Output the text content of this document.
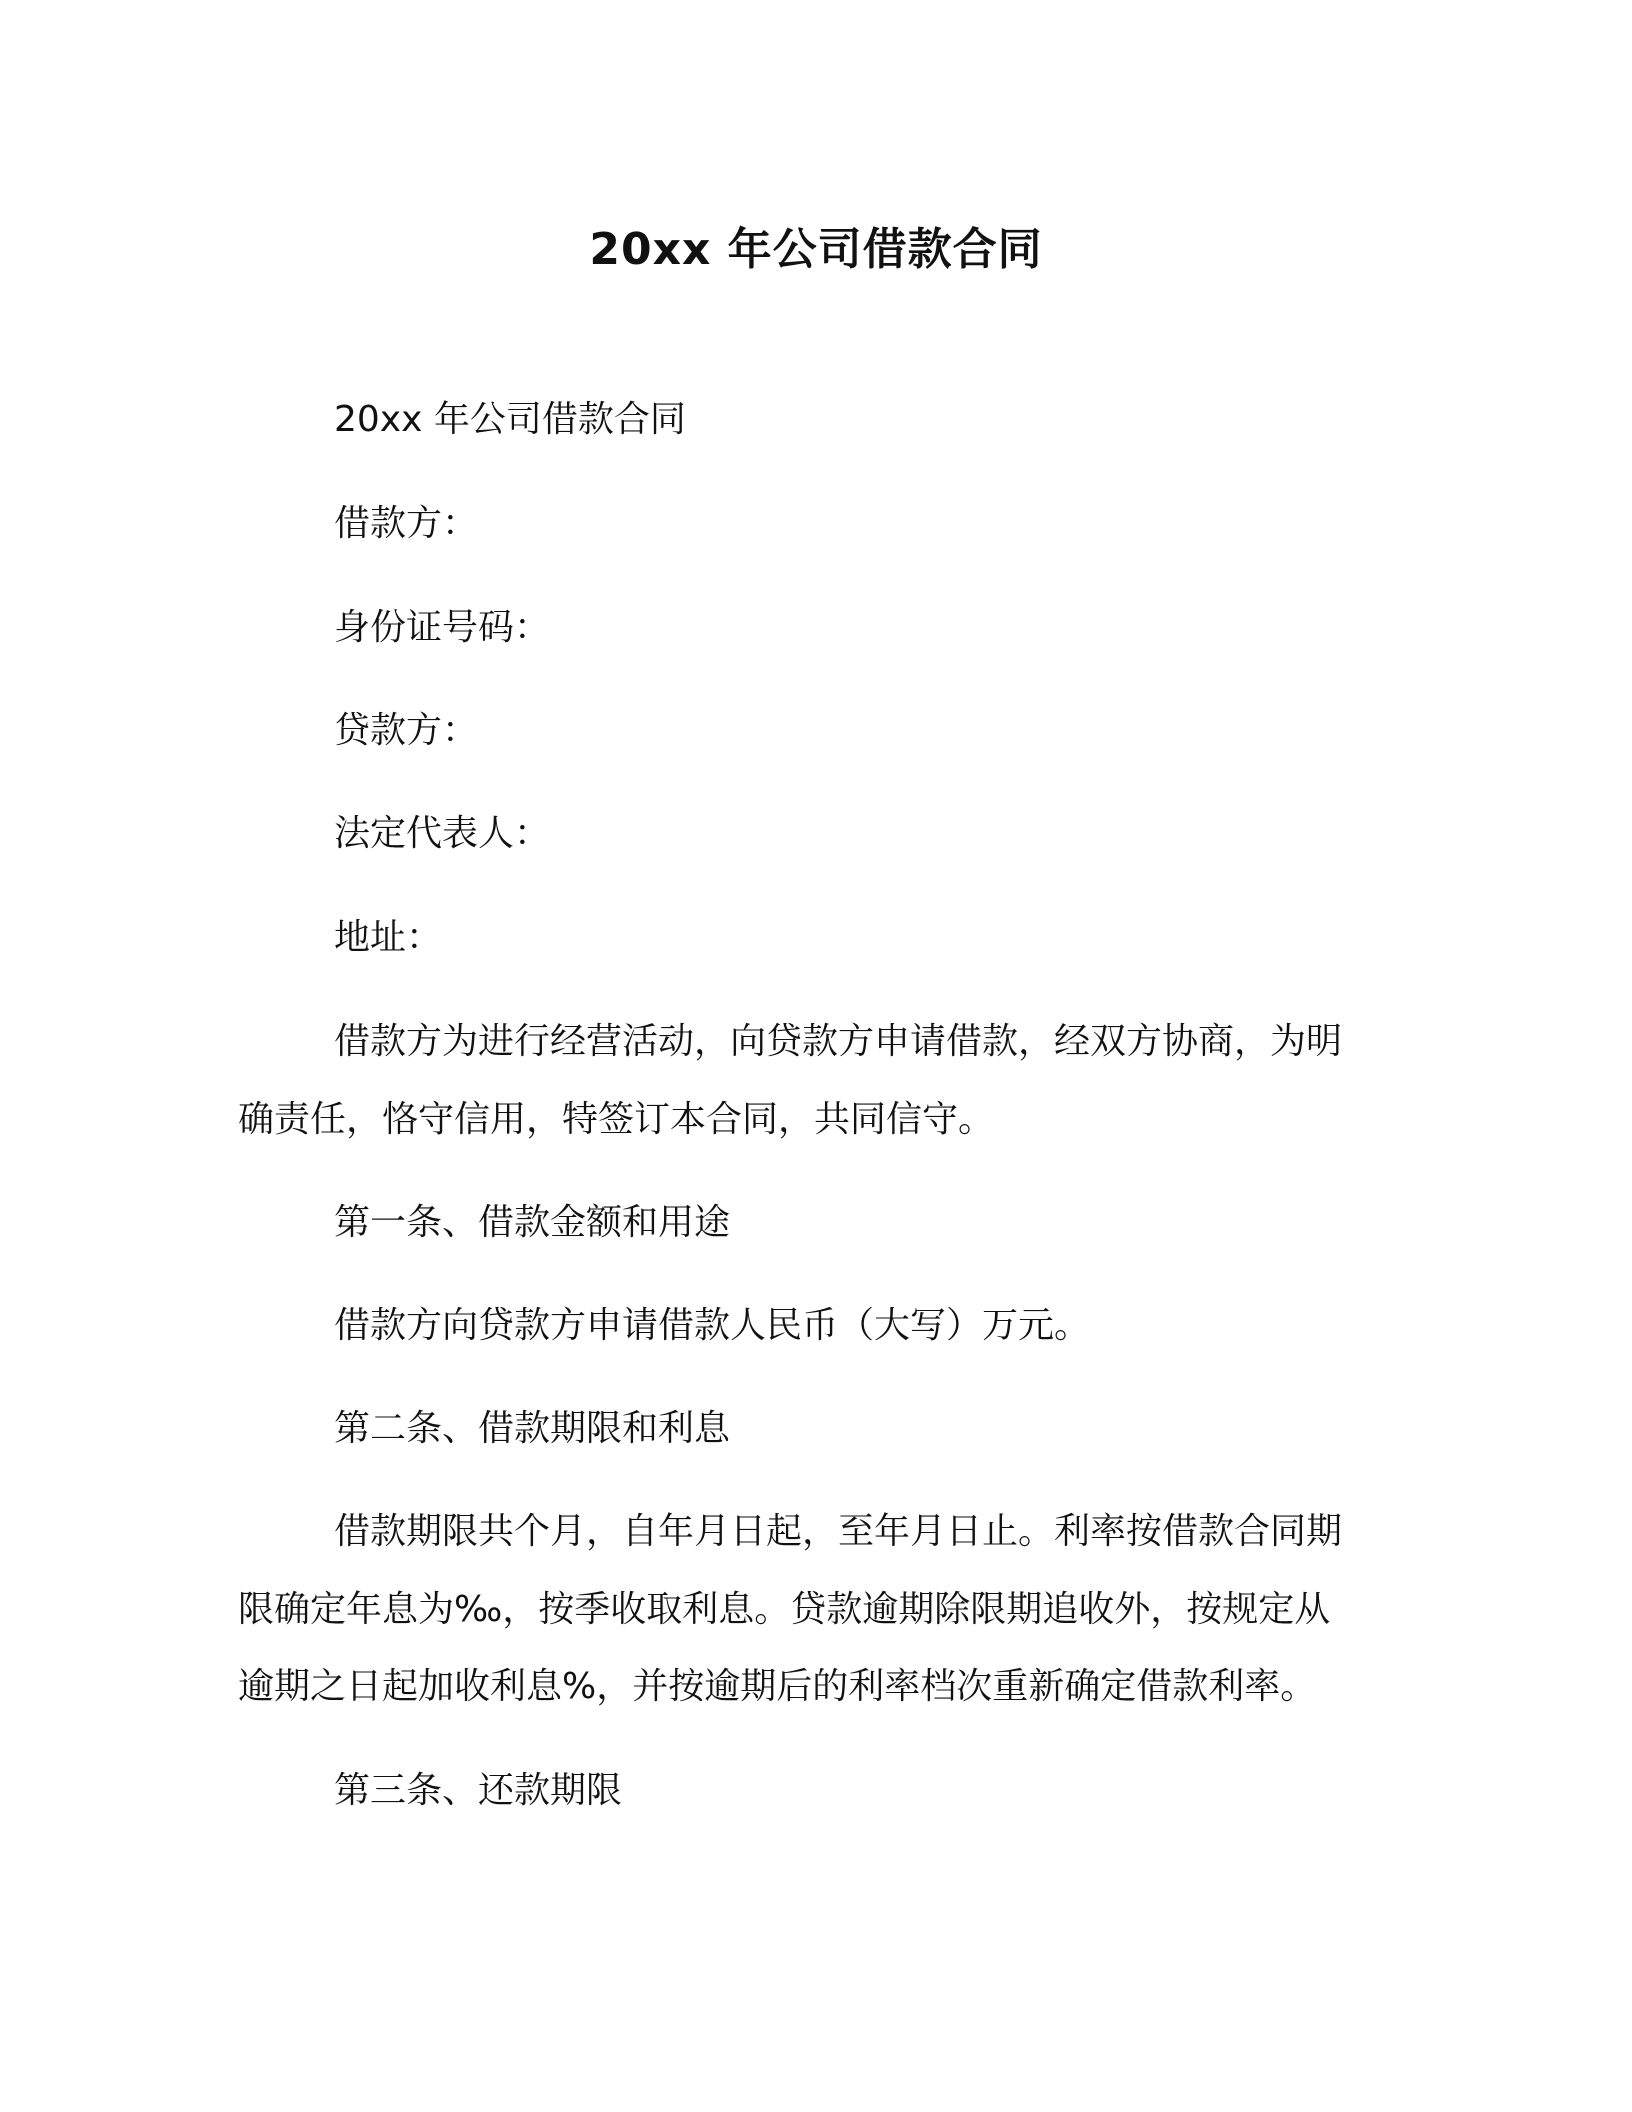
20xx 年公司借款合同
20xx 年公司借款合同
借款方：
身份证号码：
贷款方：
法定代表人：
地址：
借款方为进行经营活动，向贷款方申请借款，经双方协商，为明
确责任，恪守信用，特签订本合同，共同信守。
第一条、借款金额和用途
借款方向贷款方申请借款人民币（大写）万元。
第二条、借款期限和利息
借款期限共个月，自年月日起，至年月日止。利率按借款合同期
限确定年息为‰，按季收取利息。贷款逾期除限期追收外，按规定从
逾期之日起加收利息%，并按逾期后的利率档次重新确定借款利率。
第三条、还款期限
